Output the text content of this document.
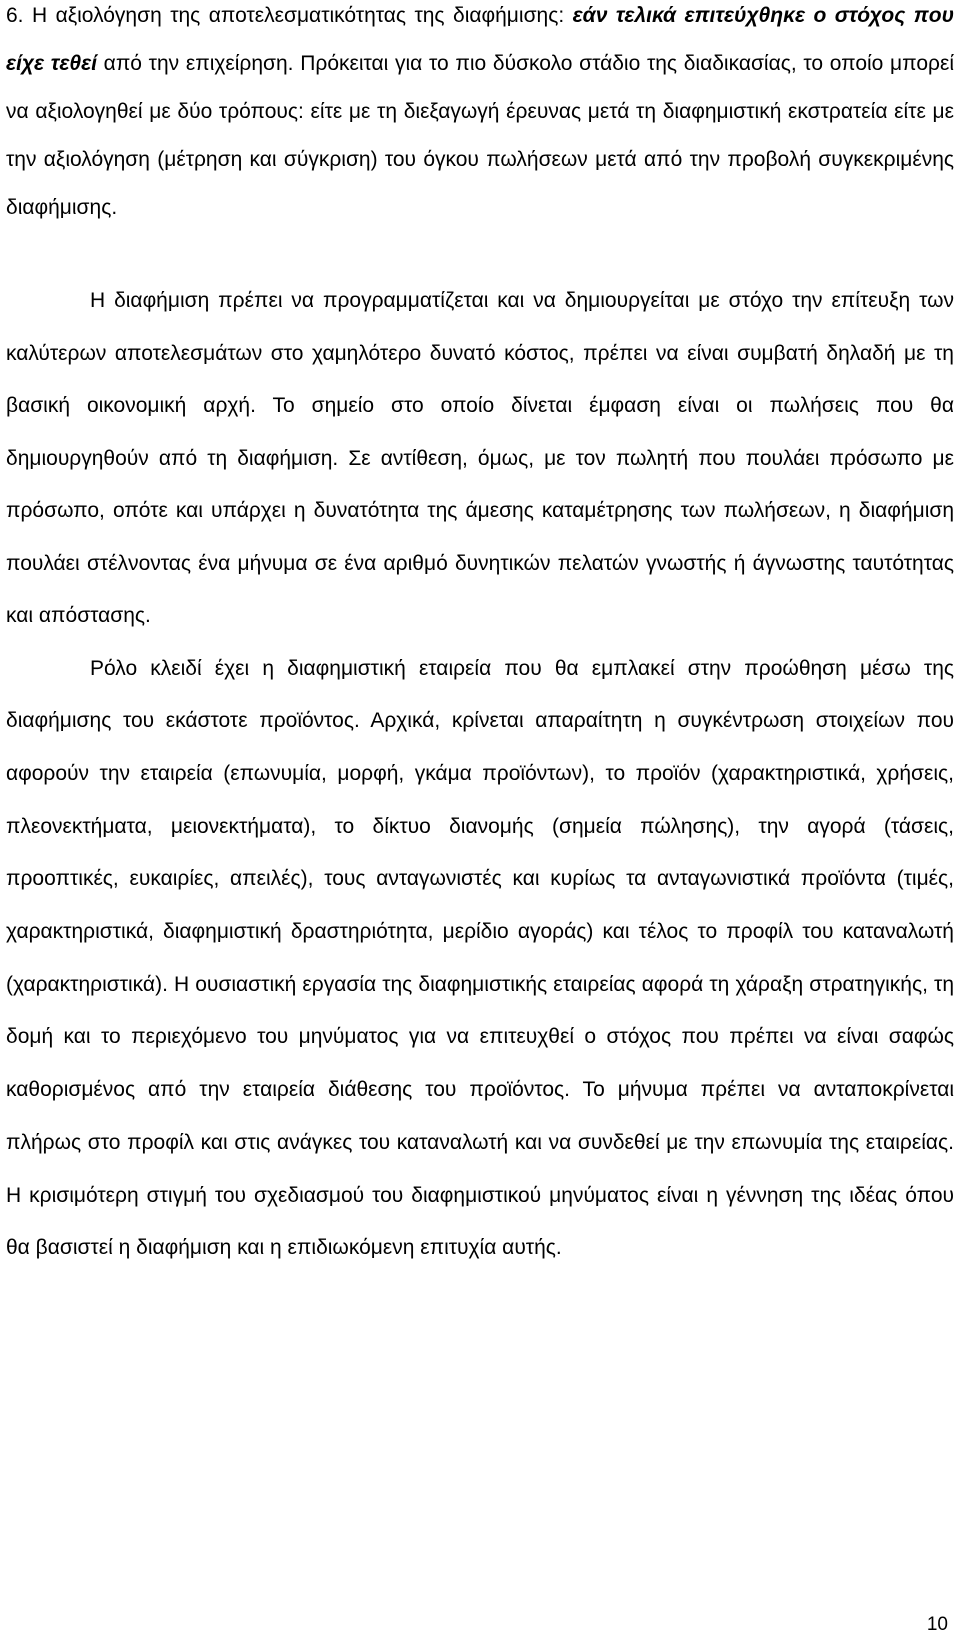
6. Η αξιολόγηση της αποτελεσματικότητας της διαφήμισης: εάν τελικά επιτεύχθηκε ο στόχος που είχε τεθεί από την επιχείρηση. Πρόκειται για το πιο δύσκολο στάδιο της διαδικασίας, το οποίο μπορεί να αξιολογηθεί με δύο τρόπους: είτε με τη διεξαγωγή έρευνας μετά τη διαφημιστική εκστρατεία είτε με την αξιολόγηση (μέτρηση και σύγκριση) του όγκου πωλήσεων μετά από την προβολή συγκεκριμένης διαφήμισης.

Η διαφήμιση πρέπει να προγραμματίζεται και να δημιουργείται με στόχο την επίτευξη των καλύτερων αποτελεσμάτων στο χαμηλότερο δυνατό κόστος, πρέπει να είναι συμβατή δηλαδή με τη βασική οικονομική αρχή. Το σημείο στο οποίο δίνεται έμφαση είναι οι πωλήσεις που θα δημιουργηθούν από τη διαφήμιση. Σε αντίθεση, όμως, με τον πωλητή που πουλάει πρόσωπο με πρόσωπο, οπότε και υπάρχει η δυνατότητα της άμεσης καταμέτρησης των πωλήσεων, η διαφήμιση πουλάει στέλνοντας ένα μήνυμα σε ένα αριθμό δυνητικών πελατών γνωστής ή άγνωστης ταυτότητας και απόστασης.

Ρόλο κλειδί έχει η διαφημιστική εταιρεία που θα εμπλακεί στην προώθηση μέσω της διαφήμισης του εκάστοτε προϊόντος. Αρχικά, κρίνεται απαραίτητη η συγκέντρωση στοιχείων που αφορούν την εταιρεία (επωνυμία, μορφή, γκάμα προϊόντων), το προϊόν (χαρακτηριστικά, χρήσεις, πλεονεκτήματα, μειονεκτήματα), το δίκτυο διανομής (σημεία πώλησης), την αγορά (τάσεις, προοπτικές, ευκαιρίες, απειλές), τους ανταγωνιστές και κυρίως τα ανταγωνιστικά προϊόντα (τιμές, χαρακτηριστικά, διαφημιστική δραστηριότητα, μερίδιο αγοράς) και τέλος το προφίλ του καταναλωτή (χαρακτηριστικά). Η ουσιαστική εργασία της διαφημιστικής εταιρείας αφορά τη χάραξη στρατηγικής, τη δομή και το περιεχόμενο του μηνύματος για να επιτευχθεί ο στόχος που πρέπει να είναι σαφώς καθορισμένος από την εταιρεία διάθεσης του προϊόντος. Το μήνυμα πρέπει να ανταποκρίνεται πλήρως στο προφίλ και στις ανάγκες του καταναλωτή και να συνδεθεί με την επωνυμία της εταιρείας. Η κρισιμότερη στιγμή του σχεδιασμού του διαφημιστικού μηνύματος είναι η γέννηση της ιδέας όπου θα βασιστεί η διαφήμιση και η επιδιωκόμενη επιτυχία αυτής.

10
